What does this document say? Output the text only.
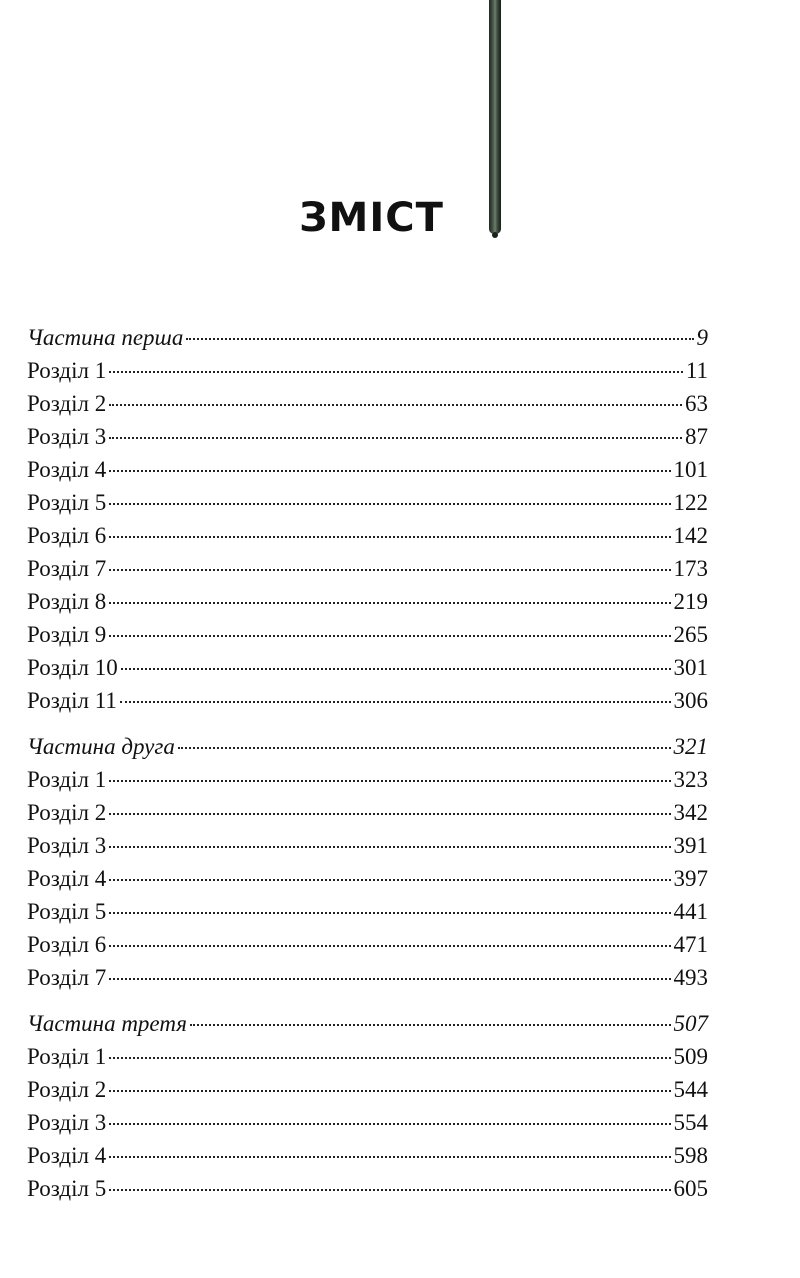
ЗМІСТ
Частина перша	9
Розділ 1	11
Розділ 2	63
Розділ 3	87
Розділ 4	101
Розділ 5	122
Розділ 6	142
Розділ 7	173
Розділ 8	219
Розділ 9	265
Розділ 10	301
Розділ 11	306
Частина друга	321
Розділ 1	323
Розділ 2	342
Розділ 3	391
Розділ 4	397
Розділ 5	441
Розділ 6	471
Розділ 7	493
Частина третя	507
Розділ 1	509
Розділ 2	544
Розділ 3	554
Розділ 4	598
Розділ 5	605
